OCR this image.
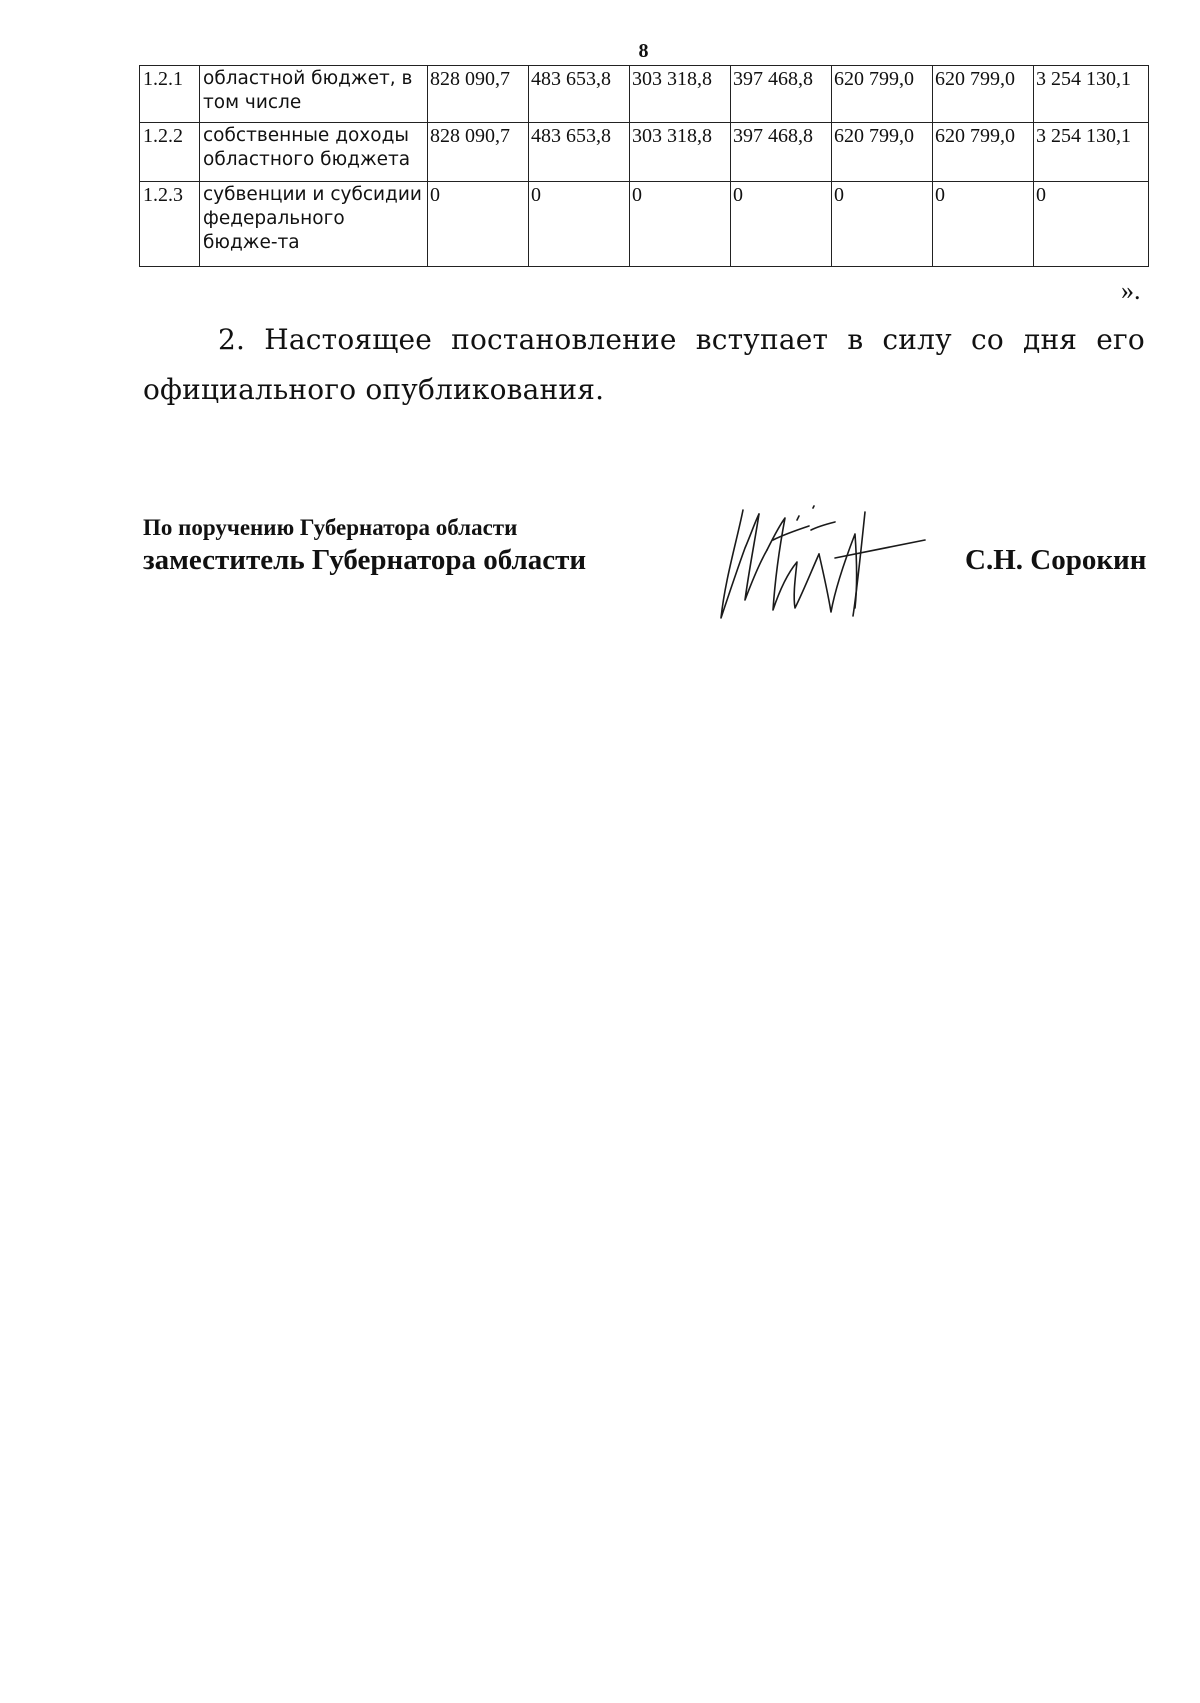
8
1.2.1	областной бюджет, в том числе	828 090,7	483 653,8	303 318,8	397 468,8	620 799,0	620 799,0	3 254 130,1
1.2.2	собственные доходы областного бюджета	828 090,7	483 653,8	303 318,8	397 468,8	620 799,0	620 799,0	3 254 130,1
1.2.3	субвенции и субсидии федерального бюдже-та	0	0	0	0	0	0	0
».
2. Настоящее постановление вступает в силу со дня его официального опубликования.
По поручению Губернатора области
заместитель Губернатора области	С.Н. Сорокин
